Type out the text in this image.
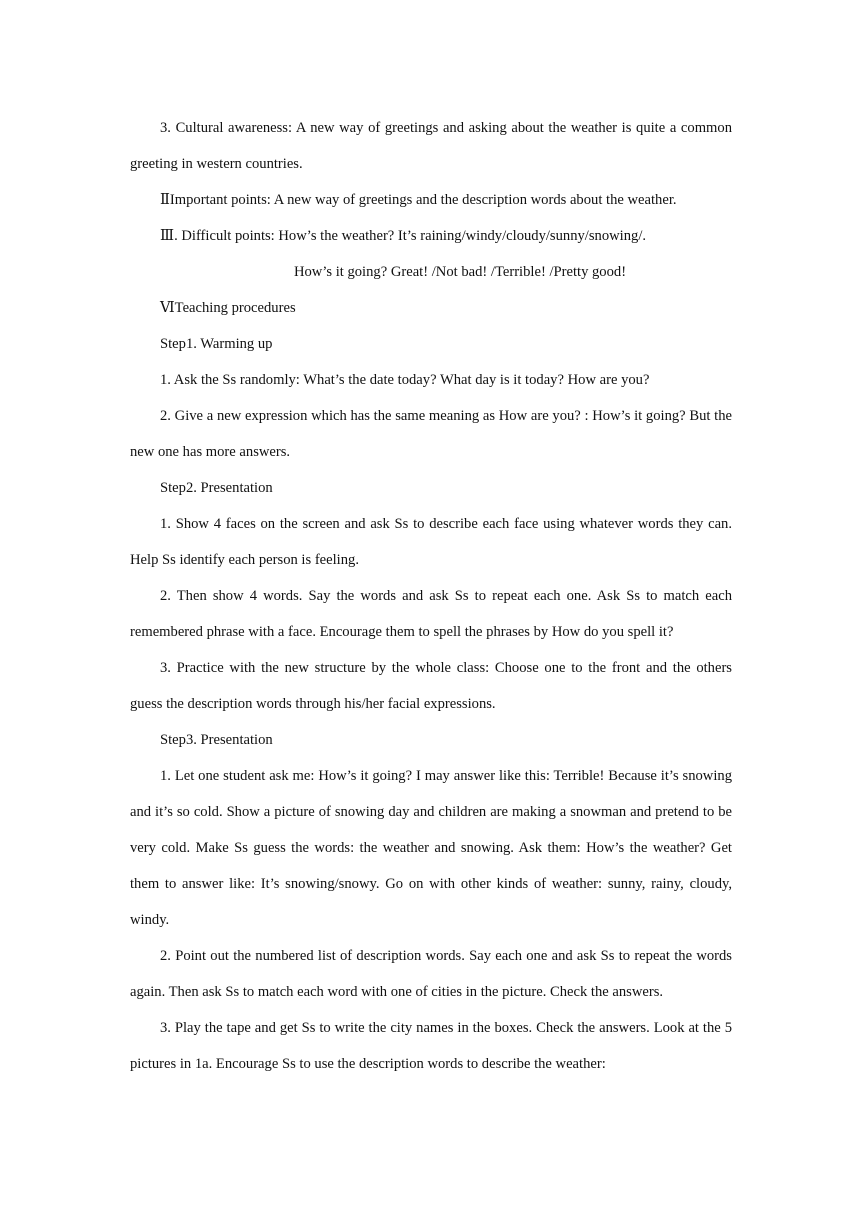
3. Cultural awareness: A new way of greetings and asking about the weather is quite a common greeting in western countries.

ⅡImportant points: A new way of greetings and the description words about the weather.

Ⅲ. Difficult points: How’s the weather? It’s raining/windy/cloudy/sunny/snowing/.

How’s it going? Great! /Not bad! /Terrible! /Pretty good!

ⅥTeaching procedures

Step1. Warming up

1. Ask the Ss randomly: What’s the date today? What day is it today? How are you?

2. Give a new expression which has the same meaning as How are you? : How’s it going? But the new one has more answers.

Step2. Presentation

1. Show 4 faces on the screen and ask Ss to describe each face using whatever words they can. Help Ss identify each person is feeling.

2. Then show 4 words. Say the words and ask Ss to repeat each one. Ask Ss to match each remembered phrase with a face. Encourage them to spell the phrases by How do you spell it?

3. Practice with the new structure by the whole class: Choose one to the front and the others guess the description words through his/her facial expressions.

Step3. Presentation

1. Let one student ask me: How’s it going? I may answer like this: Terrible! Because it’s snowing and it’s so cold. Show a picture of snowing day and children are making a snowman and pretend to be very cold. Make Ss guess the words: the weather and snowing. Ask them: How’s the weather? Get them to answer like: It’s snowing/snowy. Go on with other kinds of weather: sunny, rainy, cloudy, windy.

2. Point out the numbered list of description words. Say each one and ask Ss to repeat the words again. Then ask Ss to match each word with one of cities in the picture. Check the answers.

3. Play the tape and get Ss to write the city names in the boxes. Check the answers. Look at the 5 pictures in 1a. Encourage Ss to use the description words to describe the weather:
